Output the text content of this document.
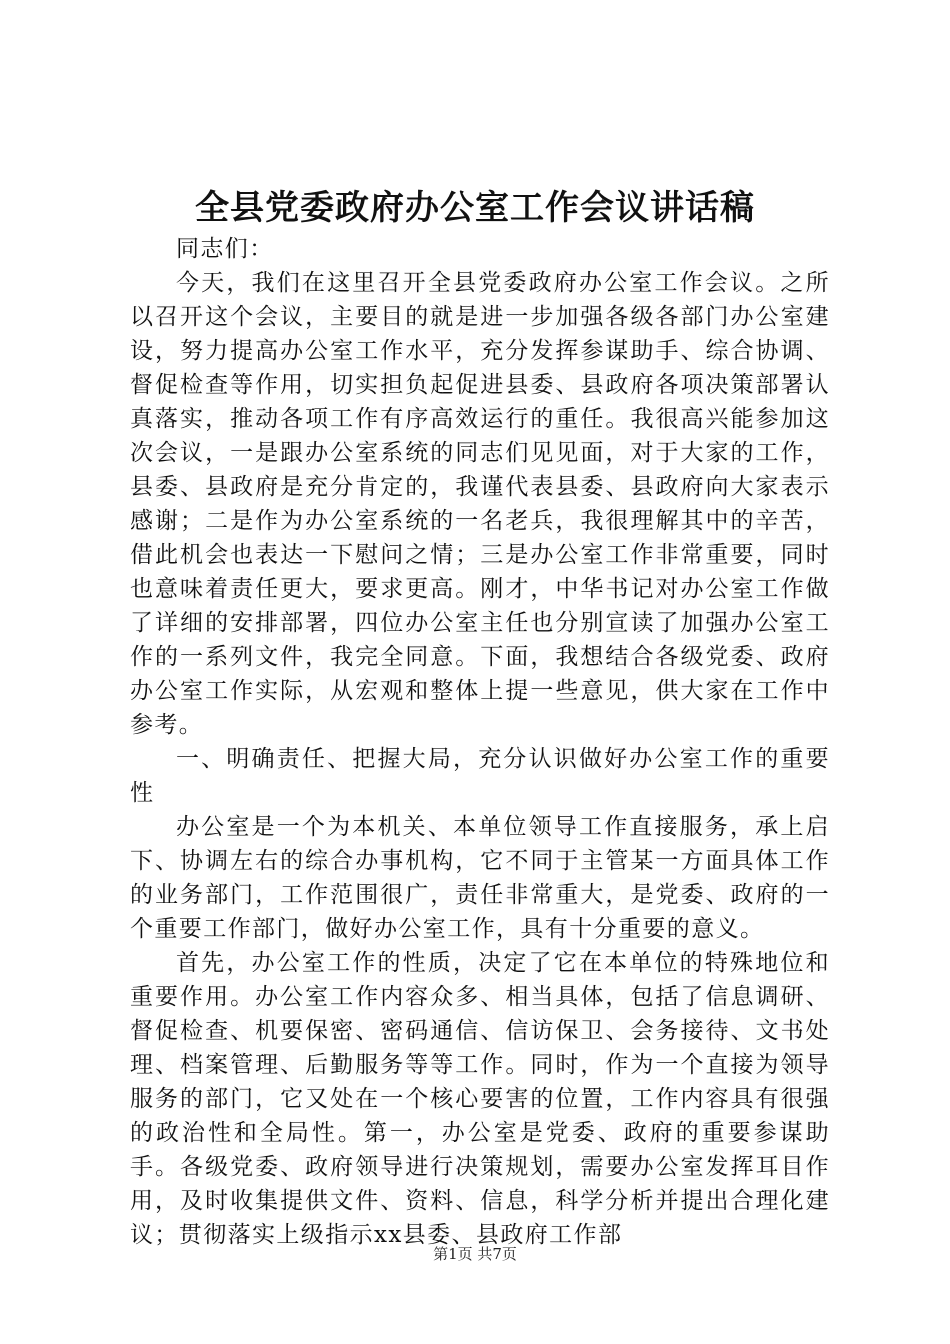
全县党委政府办公室工作会议讲话稿

同志们：

今天，我们在这里召开全县党委政府办公室工作会议。之所以召开这个会议，主要目的就是进一步加强各级各部门办公室建设，努力提高办公室工作水平，充分发挥参谋助手、综合协调、督促检查等作用，切实担负起促进县委、县政府各项决策部署认真落实，推动各项工作有序高效运行的重任。我很高兴能参加这次会议，一是跟办公室系统的同志们见见面，对于大家的工作，县委、县政府是充分肯定的，我谨代表县委、县政府向大家表示感谢；二是作为办公室系统的一名老兵，我很理解其中的辛苦，借此机会也表达一下慰问之情；三是办公室工作非常重要，同时也意味着责任更大，要求更高。刚才，中华书记对办公室工作做了详细的安排部署，四位办公室主任也分别宣读了加强办公室工作的一系列文件，我完全同意。下面，我想结合各级党委、政府办公室工作实际，从宏观和整体上提一些意见，供大家在工作中参考。

一、明确责任、把握大局，充分认识做好办公室工作的重要性

办公室是一个为本机关、本单位领导工作直接服务，承上启下、协调左右的综合办事机构，它不同于主管某一方面具体工作的业务部门，工作范围很广，责任非常重大，是党委、政府的一个重要工作部门，做好办公室工作，具有十分重要的意义。

首先，办公室工作的性质，决定了它在本单位的特殊地位和重要作用。办公室工作内容众多、相当具体，包括了信息调研、督促检查、机要保密、密码通信、信访保卫、会务接待、文书处理、档案管理、后勤服务等等工作。同时，作为一个直接为领导服务的部门，它又处在一个核心要害的位置，工作内容具有很强的政治性和全局性。第一，办公室是党委、政府的重要参谋助手。各级党委、政府领导进行决策规划，需要办公室发挥耳目作用，及时收集提供文件、资料、信息，科学分析并提出合理化建议；贯彻落实上级指示xx县委、县政府工作部

第1页 共7页
